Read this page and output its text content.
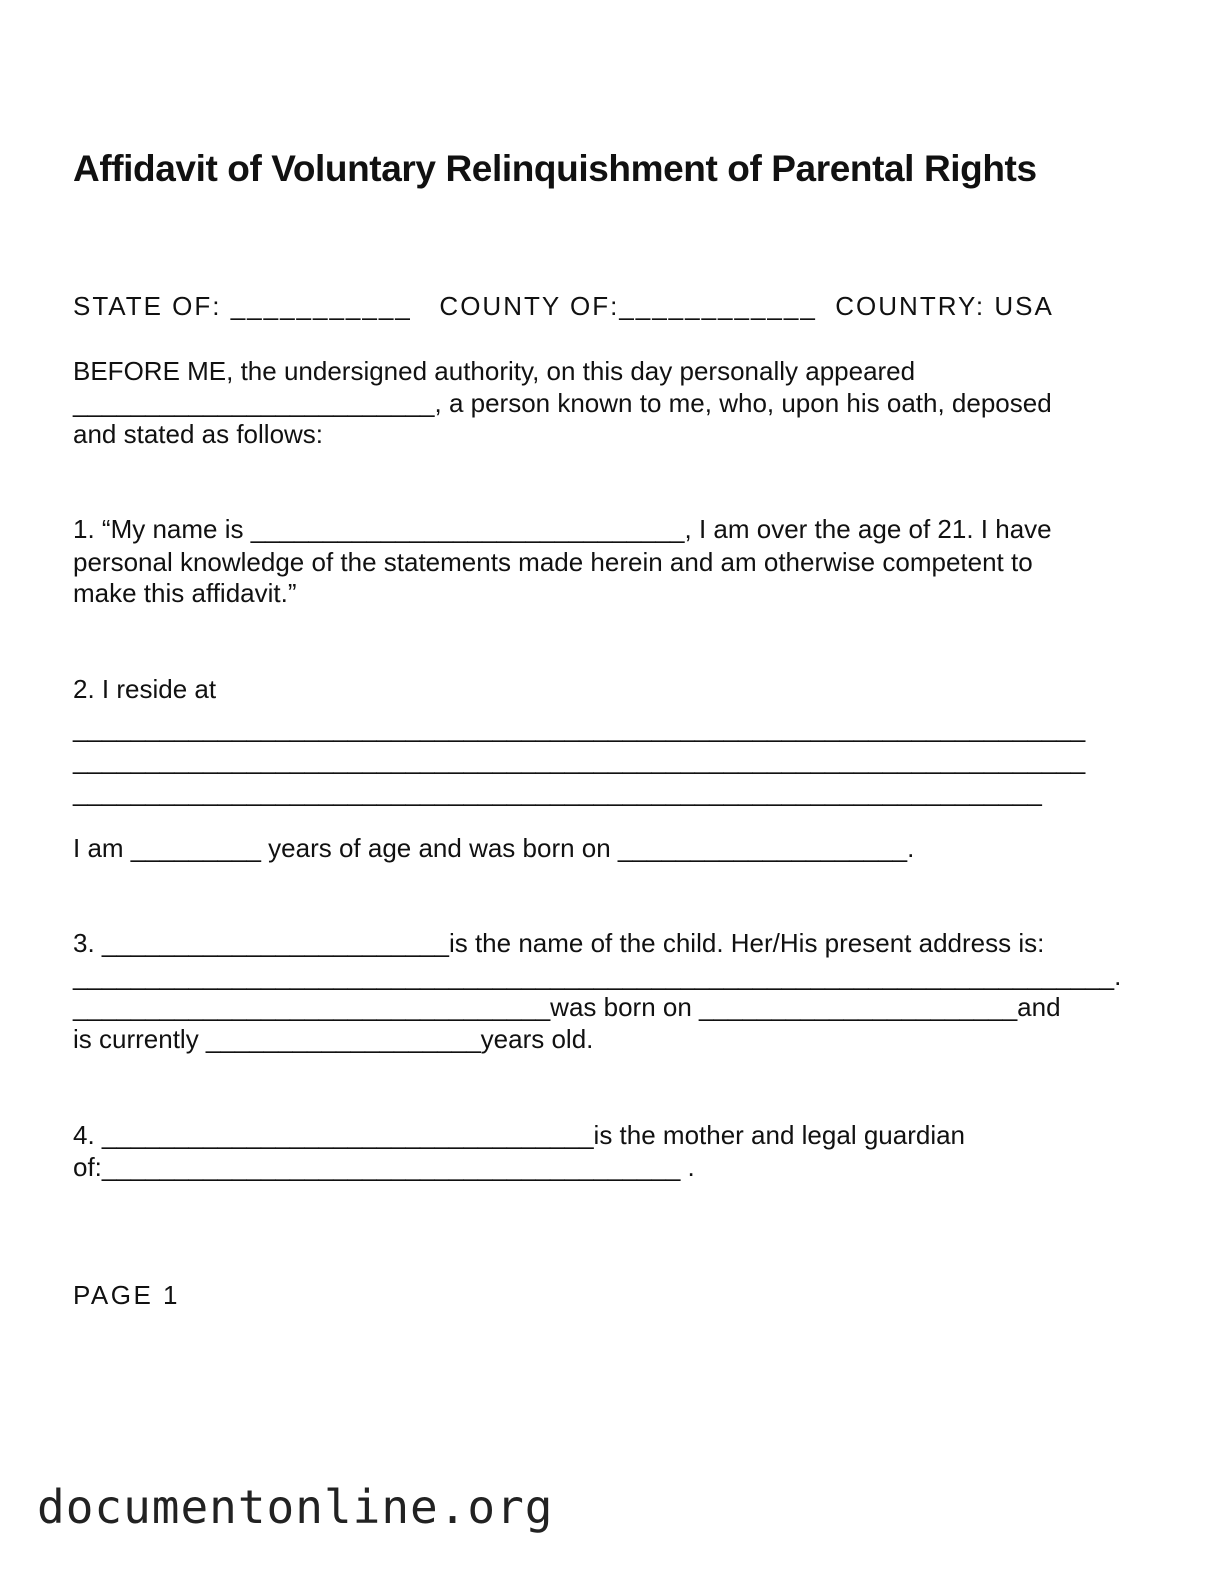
Affidavit of Voluntary Relinquishment of Parental Rights
STATE OF: ___________   COUNTY OF:____________  COUNTRY: USA
BEFORE ME, the undersigned authority, on this day personally appeared
_________________________, a person known to me, who, upon his oath, deposed
and stated as follows:
1. “My name is ______________________________, I am over the age of 21. I have
personal knowledge of the statements made herein and am otherwise competent to
make this affidavit.”
2. I reside at
______________________________________________________________________
______________________________________________________________________
___________________________________________________________________
I am _________ years of age and was born on ____________________.
3. ________________________is the name of the child. Her/His present address is:
________________________________________________________________________.
_________________________________was born on ______________________and
is currently ___________________years old.
4. __________________________________is the mother and legal guardian
of:________________________________________ .
PAGE 1
documentonline.org
